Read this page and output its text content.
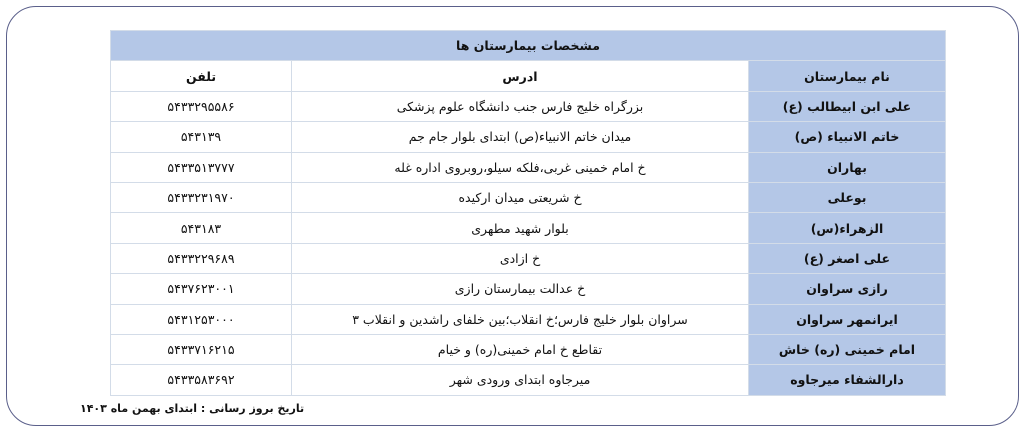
مشخصات بیمارستان ها		
نام بیمارستان	ادرس	تلفن
علی ابن ابیطالب (ع)	بزرگراه خلیج فارس جنب دانشگاه علوم پزشکی	۵۴۳۳۲۹۵۵۸۶
خاتم الانبیاء (ص)	میدان خاتم الانبیاء(ص) ابتدای بلوار جام جم	۵۴۳۱۳۹
بهاران	خ امام خمینی غربی،فلکه سیلو،روبروی اداره غله	۵۴۳۳۵۱۳۷۷۷
بوعلی	خ شریعتی میدان ارکیده	۵۴۳۳۲۳۱۹۷۰
الزهراء(س)	بلوار شهید مطهری	۵۴۳۱۸۳
علی اصغر (ع)	خ ازادی	۵۴۳۳۲۲۹۶۸۹
رازی سراوان	خ عدالت بیمارستان رازی	۵۴۳۷۶۲۳۰۰۱
ایرانمهر سراوان	سراوان بلوار خلیج فارس؛خ انقلاب؛بین خلفای راشدین و انقلاب ۳	۵۴۳۱۲۵۳۰۰۰
امام خمینی (ره) خاش	تقاطع خ امام خمینی(ره) و خیام	۵۴۳۳۷۱۶۲۱۵
دارالشفاء میرجاوه	میرجاوه ابتدای ورودی شهر	۵۴۳۳۵۸۳۶۹۲
تاریخ بروز رسانی : ابتدای بهمن ماه ۱۴۰۳
